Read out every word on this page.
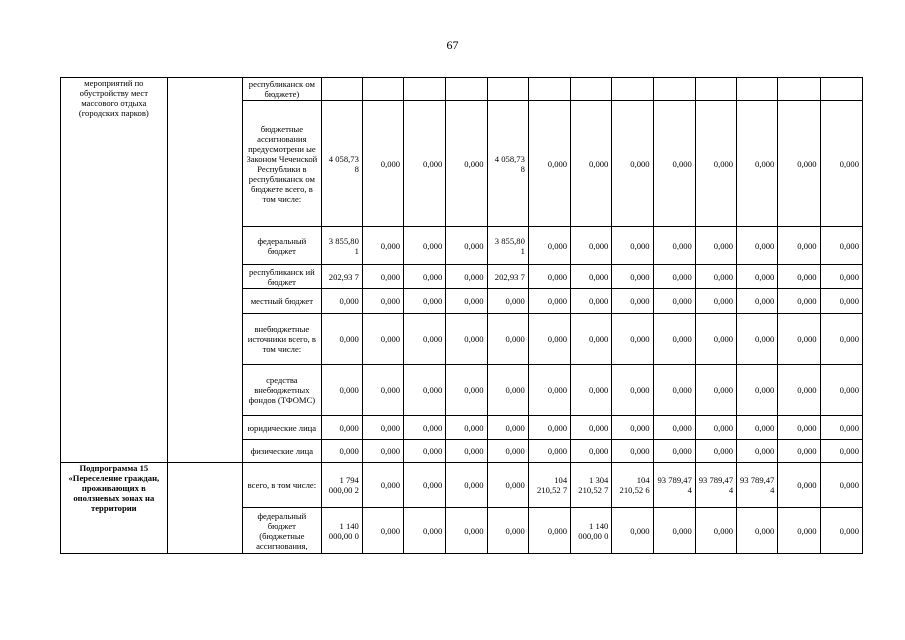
67
мероприятий по обустройству мест массового отдыха (городских парков)		республиканск ом бюджете)													
		бюджетные ассигнования предусмотрени ые Законом Чеченской Республики в республиканск ом бюджете всего, в том числе:	4 058,73 8	0,000	0,000	0,000	4 058,73 8	0,000	0,000	0,000	0,000	0,000	0,000	0,000	0,000
		федеральный бюджет	3 855,80 1	0,000	0,000	0,000	3 855,80 1	0,000	0,000	0,000	0,000	0,000	0,000	0,000	0,000
		республиканск ий бюджет	202,93 7	0,000	0,000	0,000	202,93 7	0,000	0,000	0,000	0,000	0,000	0,000	0,000	0,000
		местный бюджет	0,000	0,000	0,000	0,000	0,000	0,000	0,000	0,000	0,000	0,000	0,000	0,000	0,000
		внебюджетные источники всего, в том числе:	0,000	0,000	0,000	0,000	0,000	0,000	0,000	0,000	0,000	0,000	0,000	0,000	0,000
		средства внебюджетных фондов (ТФОМС)	0,000	0,000	0,000	0,000	0,000	0,000	0,000	0,000	0,000	0,000	0,000	0,000	0,000
		юридические лица	0,000	0,000	0,000	0,000	0,000	0,000	0,000	0,000	0,000	0,000	0,000	0,000	0,000
		физические лица	0,000	0,000	0,000	0,000	0,000	0,000	0,000	0,000	0,000	0,000	0,000	0,000	0,000
Подпрограмма 15 «Переселение граждан, проживающих в оползневых зонах на территории		всего, в том числе:	1 794 000,00 2	0,000	0,000	0,000	0,000	104 210,52 7	1 304 210,52 7	104 210,52 6	93 789,47 4	93 789,47 4	93 789,47 4	0,000	0,000
		федеральный бюджет (бюджетные ассигнования,	1 140 000,00 0	0,000	0,000	0,000	0,000	0,000	1 140 000,00 0	0,000	0,000	0,000	0,000	0,000	0,000
